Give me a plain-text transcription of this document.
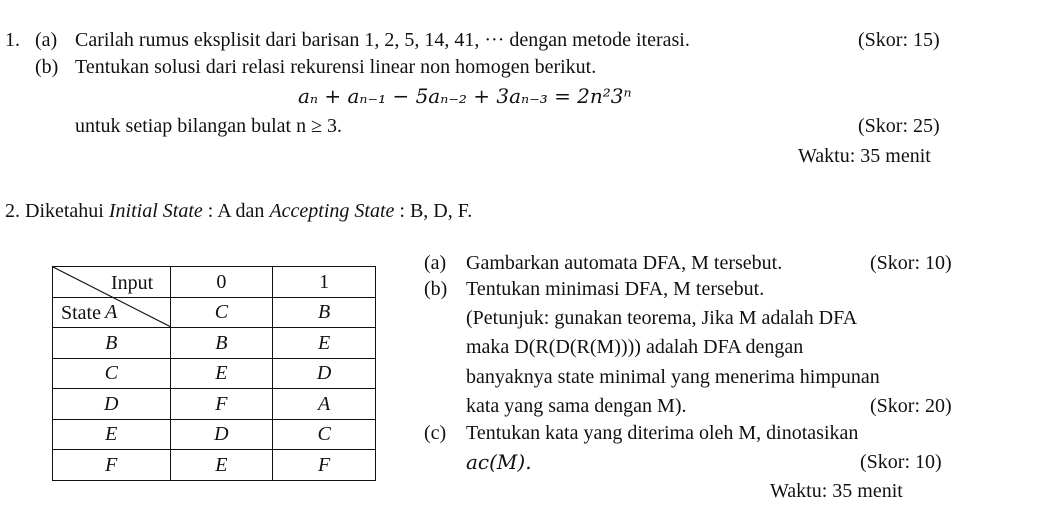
1. (a) Carilah rumus eksplisit dari barisan 1, 2, 5, 14, 41, ··· dengan metode iterasi.	(Skor: 15)
(b) Tentukan solusi dari relasi rekurensi linear non homogen berikut.
aₙ + aₙ₋₁ − 5aₙ₋₂ + 3aₙ₋₃ = 2n²3ⁿ
untuk setiap bilangan bulat n ≥ 3.	(Skor: 25)
Waktu: 35 menit
2. Diketahui Initial State : A dan Accepting State : B, D, F.
Input
State	0	1
A	C	B
B	B	E
C	E	D
D	F	A
E	D	C
F	E	F
(a) Gambarkan automata DFA, M tersebut.	(Skor: 10)
(b) Tentukan minimasi DFA, M tersebut.
(Petunjuk: gunakan teorema, Jika M adalah DFA
maka D(R(D(R(M)))) adalah DFA dengan
banyaknya state minimal yang menerima himpunan
kata yang sama dengan M).	(Skor: 20)
(c) Tentukan kata yang diterima oleh M, dinotasikan
ac(M).	(Skor: 10)
Waktu: 35 menit
